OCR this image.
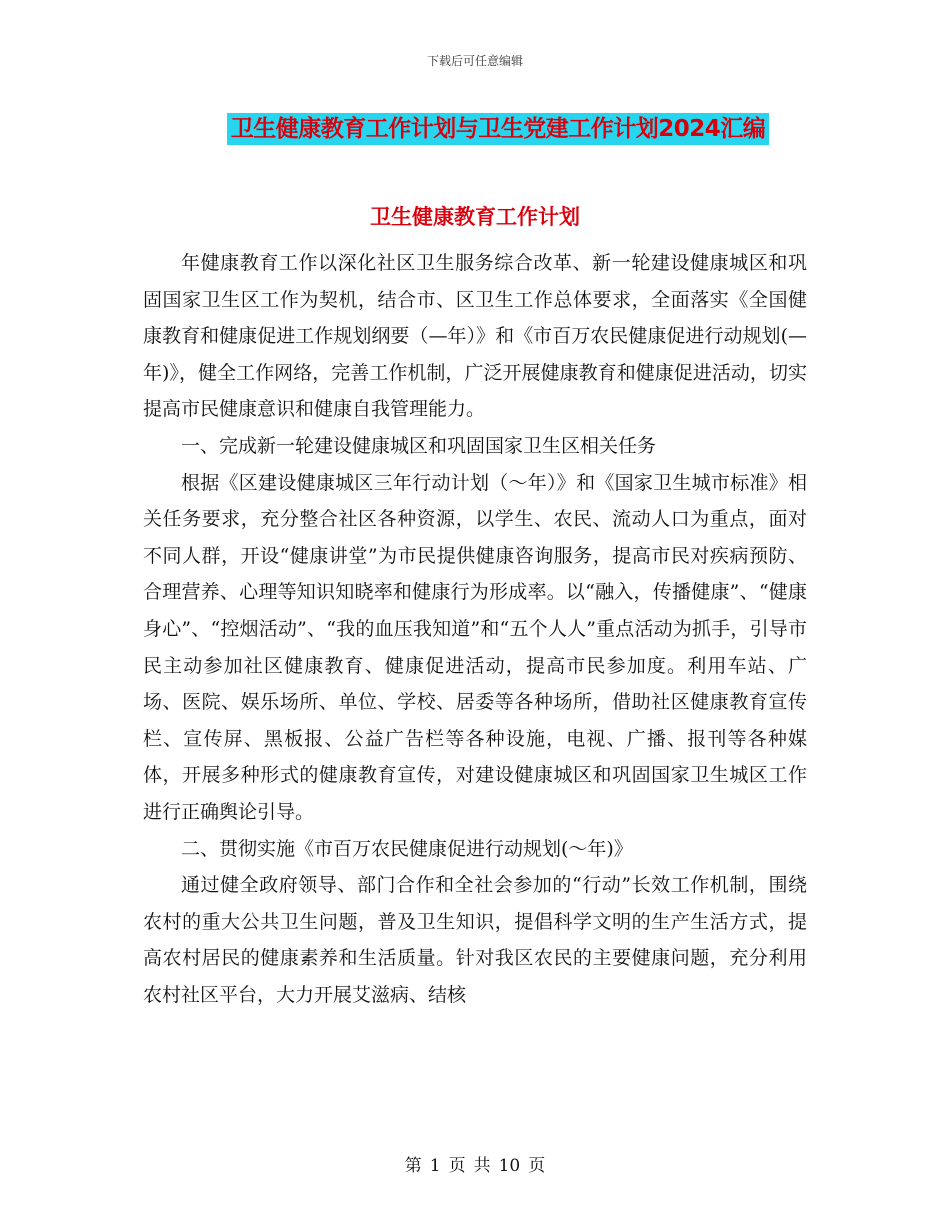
下载后可任意编辑
卫生健康教育工作计划与卫生党建工作计划2024汇编
卫生健康教育工作计划

年健康教育工作以深化社区卫生服务综合改革、新一轮建设健康城区和巩固国家卫生区工作为契机，结合市、区卫生工作总体要求，全面落实《全国健康教育和健康促进工作规划纲要（—年）》和《市百万农民健康促进行动规划(—年)》，健全工作网络，完善工作机制，广泛开展健康教育和健康促进活动，切实提高市民健康意识和健康自我管理能力。

一、完成新一轮建设健康城区和巩固国家卫生区相关任务

根据《区建设健康城区三年行动计划（～年）》和《国家卫生城市标准》相关任务要求，充分整合社区各种资源，以学生、农民、流动人口为重点，面对不同人群，开设“健康讲堂”为市民提供健康咨询服务，提高市民对疾病预防、合理营养、心理等知识知晓率和健康行为形成率。以“融入，传播健康”、“健康身心”、“控烟活动”、“我的血压我知道”和“五个人人”重点活动为抓手，引导市民主动参加社区健康教育、健康促进活动，提高市民参加度。利用车站、广场、医院、娱乐场所、单位、学校、居委等各种场所，借助社区健康教育宣传栏、宣传屏、黑板报、公益广告栏等各种设施，电视、广播、报刊等各种媒体，开展多种形式的健康教育宣传，对建设健康城区和巩固国家卫生城区工作进行正确舆论引导。

二、贯彻实施《市百万农民健康促进行动规划(～年)》

通过健全政府领导、部门合作和全社会参加的“行动”长效工作机制，围绕农村的重大公共卫生问题，普及卫生知识，提倡科学文明的生产生活方式，提高农村居民的健康素养和生活质量。针对我区农民的主要健康问题，充分利用农村社区平台，大力开展艾滋病、结核

第 1 页 共 10 页
